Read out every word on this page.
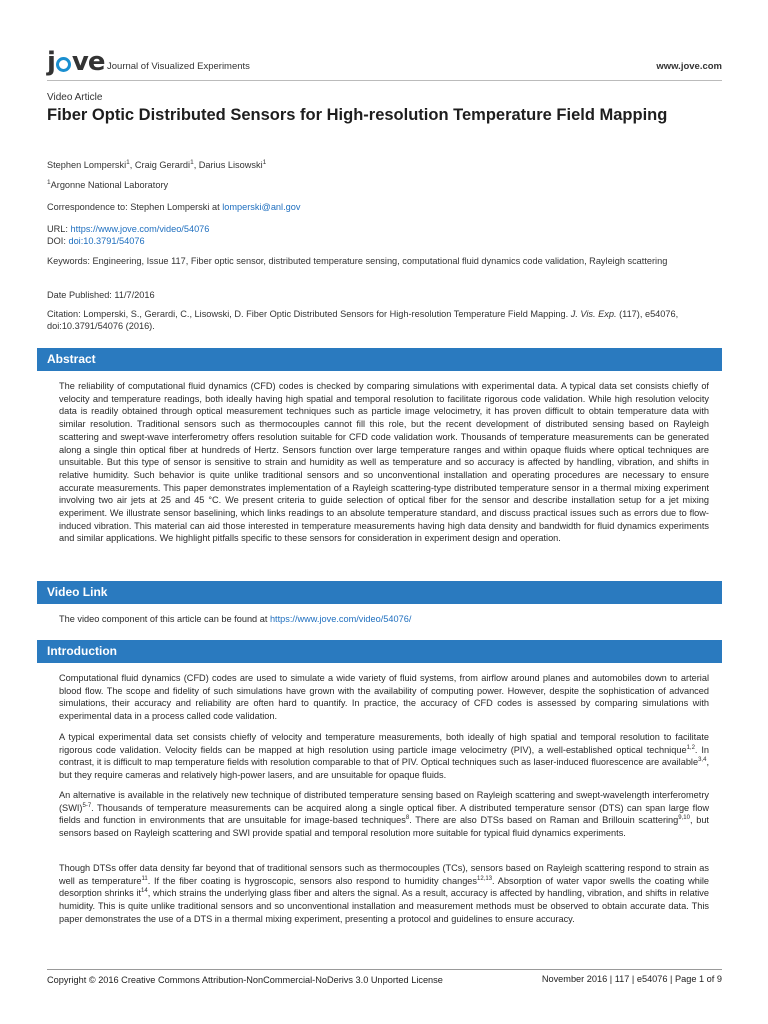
j ve Journal of Visualized Experiments	www.jove.com
Video Article
Fiber Optic Distributed Sensors for High-resolution Temperature Field Mapping
Stephen Lomperski$^1$, Craig Gerardi$^1$, Darius Lisowski$^1$
$^1$Argonne National Laboratory
Correspondence to: Stephen Lomperski at lomperski@anl.gov
URL: https://www.jove.com/video/54076
DOI: doi:10.3791/54076
Keywords: Engineering, Issue 117, Fiber optic sensor, distributed temperature sensing, computational fluid dynamics code validation, Rayleigh scattering
Date Published: 11/7/2016
Citation: Lomperski, S., Gerardi, C., Lisowski, D. Fiber Optic Distributed Sensors for High-resolution Temperature Field Mapping. J. Vis. Exp. (117), e54076, doi:10.3791/54076 (2016).
Abstract

The reliability of computational fluid dynamics (CFD) codes is checked by comparing simulations with experimental data. A typical data set consists chiefly of velocity and temperature readings, both ideally having high spatial and temporal resolution to facilitate rigorous code validation. While high resolution velocity data is readily obtained through optical measurement techniques such as particle image velocimetry, it has proven difficult to obtain temperature data with similar resolution. Traditional sensors such as thermocouples cannot fill this role, but the recent development of distributed sensing based on Rayleigh scattering and swept-wave interferometry offers resolution suitable for CFD code validation work. Thousands of temperature measurements can be generated along a single thin optical fiber at hundreds of Hertz. Sensors function over large temperature ranges and within opaque fluids where optical techniques are unsuitable. But this type of sensor is sensitive to strain and humidity as well as temperature and so accuracy is affected by handling, vibration, and shifts in relative humidity. Such behavior is quite unlike traditional sensors and so unconventional installation and operating procedures are necessary to ensure accurate measurements. This paper demonstrates implementation of a Rayleigh scattering-type distributed temperature sensor in a thermal mixing experiment involving two air jets at 25 and 45 °C. We present criteria to guide selection of optical fiber for the sensor and describe installation setup for a jet mixing experiment. We illustrate sensor baselining, which links readings to an absolute temperature standard, and discuss practical issues such as errors due to flow-induced vibration. This material can aid those interested in temperature measurements having high data density and bandwidth for fluid dynamics experiments and similar applications. We highlight pitfalls specific to these sensors for consideration in experiment design and operation.

Video Link

The video component of this article can be found at https://www.jove.com/video/54076/

Introduction

Computational fluid dynamics (CFD) codes are used to simulate a wide variety of fluid systems, from airflow around planes and automobiles down to arterial blood flow. The scope and fidelity of such simulations have grown with the availability of computing power. However, despite the sophistication of advanced simulations, their accuracy and reliability are often hard to quantify. In practice, the accuracy of CFD codes is assessed by comparing simulations with experimental data in a process called code validation.

A typical experimental data set consists chiefly of velocity and temperature measurements, both ideally of high spatial and temporal resolution to facilitate rigorous code validation. Velocity fields can be mapped at high resolution using particle image velocimetry (PIV), a well-established optical technique$^{1,2}$. In contrast, it is difficult to map temperature fields with resolution comparable to that of PIV. Optical techniques such as laser-induced fluorescence are available$^{3,4}$, but they require cameras and relatively high-power lasers, and are unsuitable for opaque fluids.

An alternative is available in the relatively new technique of distributed temperature sensing based on Rayleigh scattering and swept-wavelength interferometry (SWI)$^{5-7}$. Thousands of temperature measurements can be acquired along a single optical fiber. A distributed temperature sensor (DTS) can span large flow fields and function in environments that are unsuitable for image-based techniques$^8$. There are also DTSs based on Raman and Brillouin scattering$^{9,10}$, but sensors based on Rayleigh scattering and SWI provide spatial and temporal resolution more suitable for typical fluid dynamics experiments.

Though DTSs offer data density far beyond that of traditional sensors such as thermocouples (TCs), sensors based on Rayleigh scattering respond to strain as well as temperature$^{11}$. If the fiber coating is hygroscopic, sensors also respond to humidity changes$^{12,13}$. Absorption of water vapor swells the coating while desorption shrinks $it^{14}$, which strains the underlying glass fiber and alters the signal. As a result, accuracy is affected by handling, vibration, and shifts in relative humidity. This is quite unlike traditional sensors and so unconventional installation and measurement methods must be observed to obtain accurate data. This paper demonstrates the use of a DTS in a thermal mixing experiment, presenting a protocol and guidelines to ensure accuracy.

Copyright © 2016 Creative Commons Attribution-NonCommercial-NoDerivs 3.0 Unported License	November 2016 | 117 | e54076 | Page 1 of 9
